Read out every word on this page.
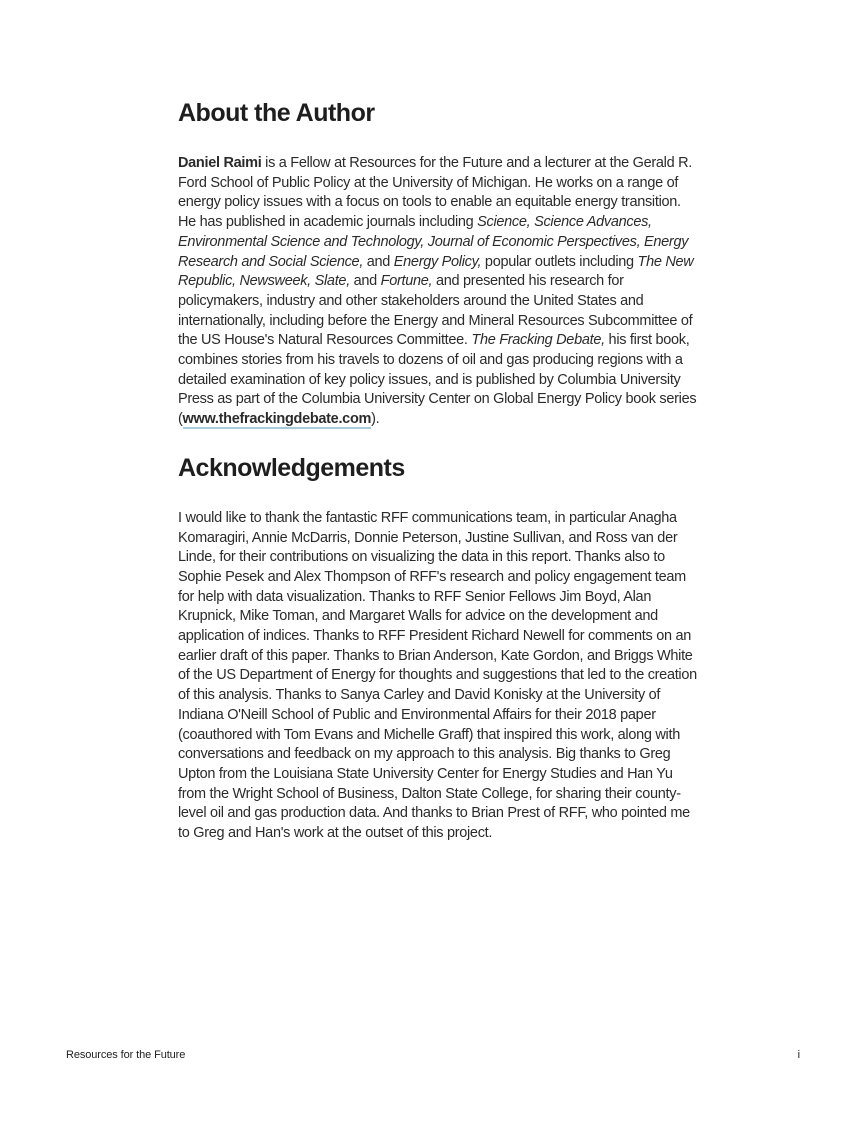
About the Author

Daniel Raimi is a Fellow at Resources for the Future and a lecturer at the Gerald R. Ford School of Public Policy at the University of Michigan. He works on a range of energy policy issues with a focus on tools to enable an equitable energy transition. He has published in academic journals including Science, Science Advances, Environmental Science and Technology, Journal of Economic Perspectives, Energy Research and Social Science, and Energy Policy, popular outlets including The New Republic, Newsweek, Slate, and Fortune, and presented his research for policymakers, industry and other stakeholders around the United States and internationally, including before the Energy and Mineral Resources Subcommittee of the US House's Natural Resources Committee. The Fracking Debate, his first book, combines stories from his travels to dozens of oil and gas producing regions with a detailed examination of key policy issues, and is published by Columbia University Press as part of the Columbia University Center on Global Energy Policy book series (www.thefrackingdebate.com).

Acknowledgements

I would like to thank the fantastic RFF communications team, in particular Anagha Komaragiri, Annie McDarris, Donnie Peterson, Justine Sullivan, and Ross van der Linde, for their contributions on visualizing the data in this report. Thanks also to Sophie Pesek and Alex Thompson of RFF's research and policy engagement team for help with data visualization. Thanks to RFF Senior Fellows Jim Boyd, Alan Krupnick, Mike Toman, and Margaret Walls for advice on the development and application of indices. Thanks to RFF President Richard Newell for comments on an earlier draft of this paper. Thanks to Brian Anderson, Kate Gordon, and Briggs White of the US Department of Energy for thoughts and suggestions that led to the creation of this analysis. Thanks to Sanya Carley and David Konisky at the University of Indiana O'Neill School of Public and Environmental Affairs for their 2018 paper (coauthored with Tom Evans and Michelle Graff) that inspired this work, along with conversations and feedback on my approach to this analysis. Big thanks to Greg Upton from the Louisiana State University Center for Energy Studies and Han Yu from the Wright School of Business, Dalton State College, for sharing their county-level oil and gas production data. And thanks to Brian Prest of RFF, who pointed me to Greg and Han's work at the outset of this project.

Resources for the Future	i
